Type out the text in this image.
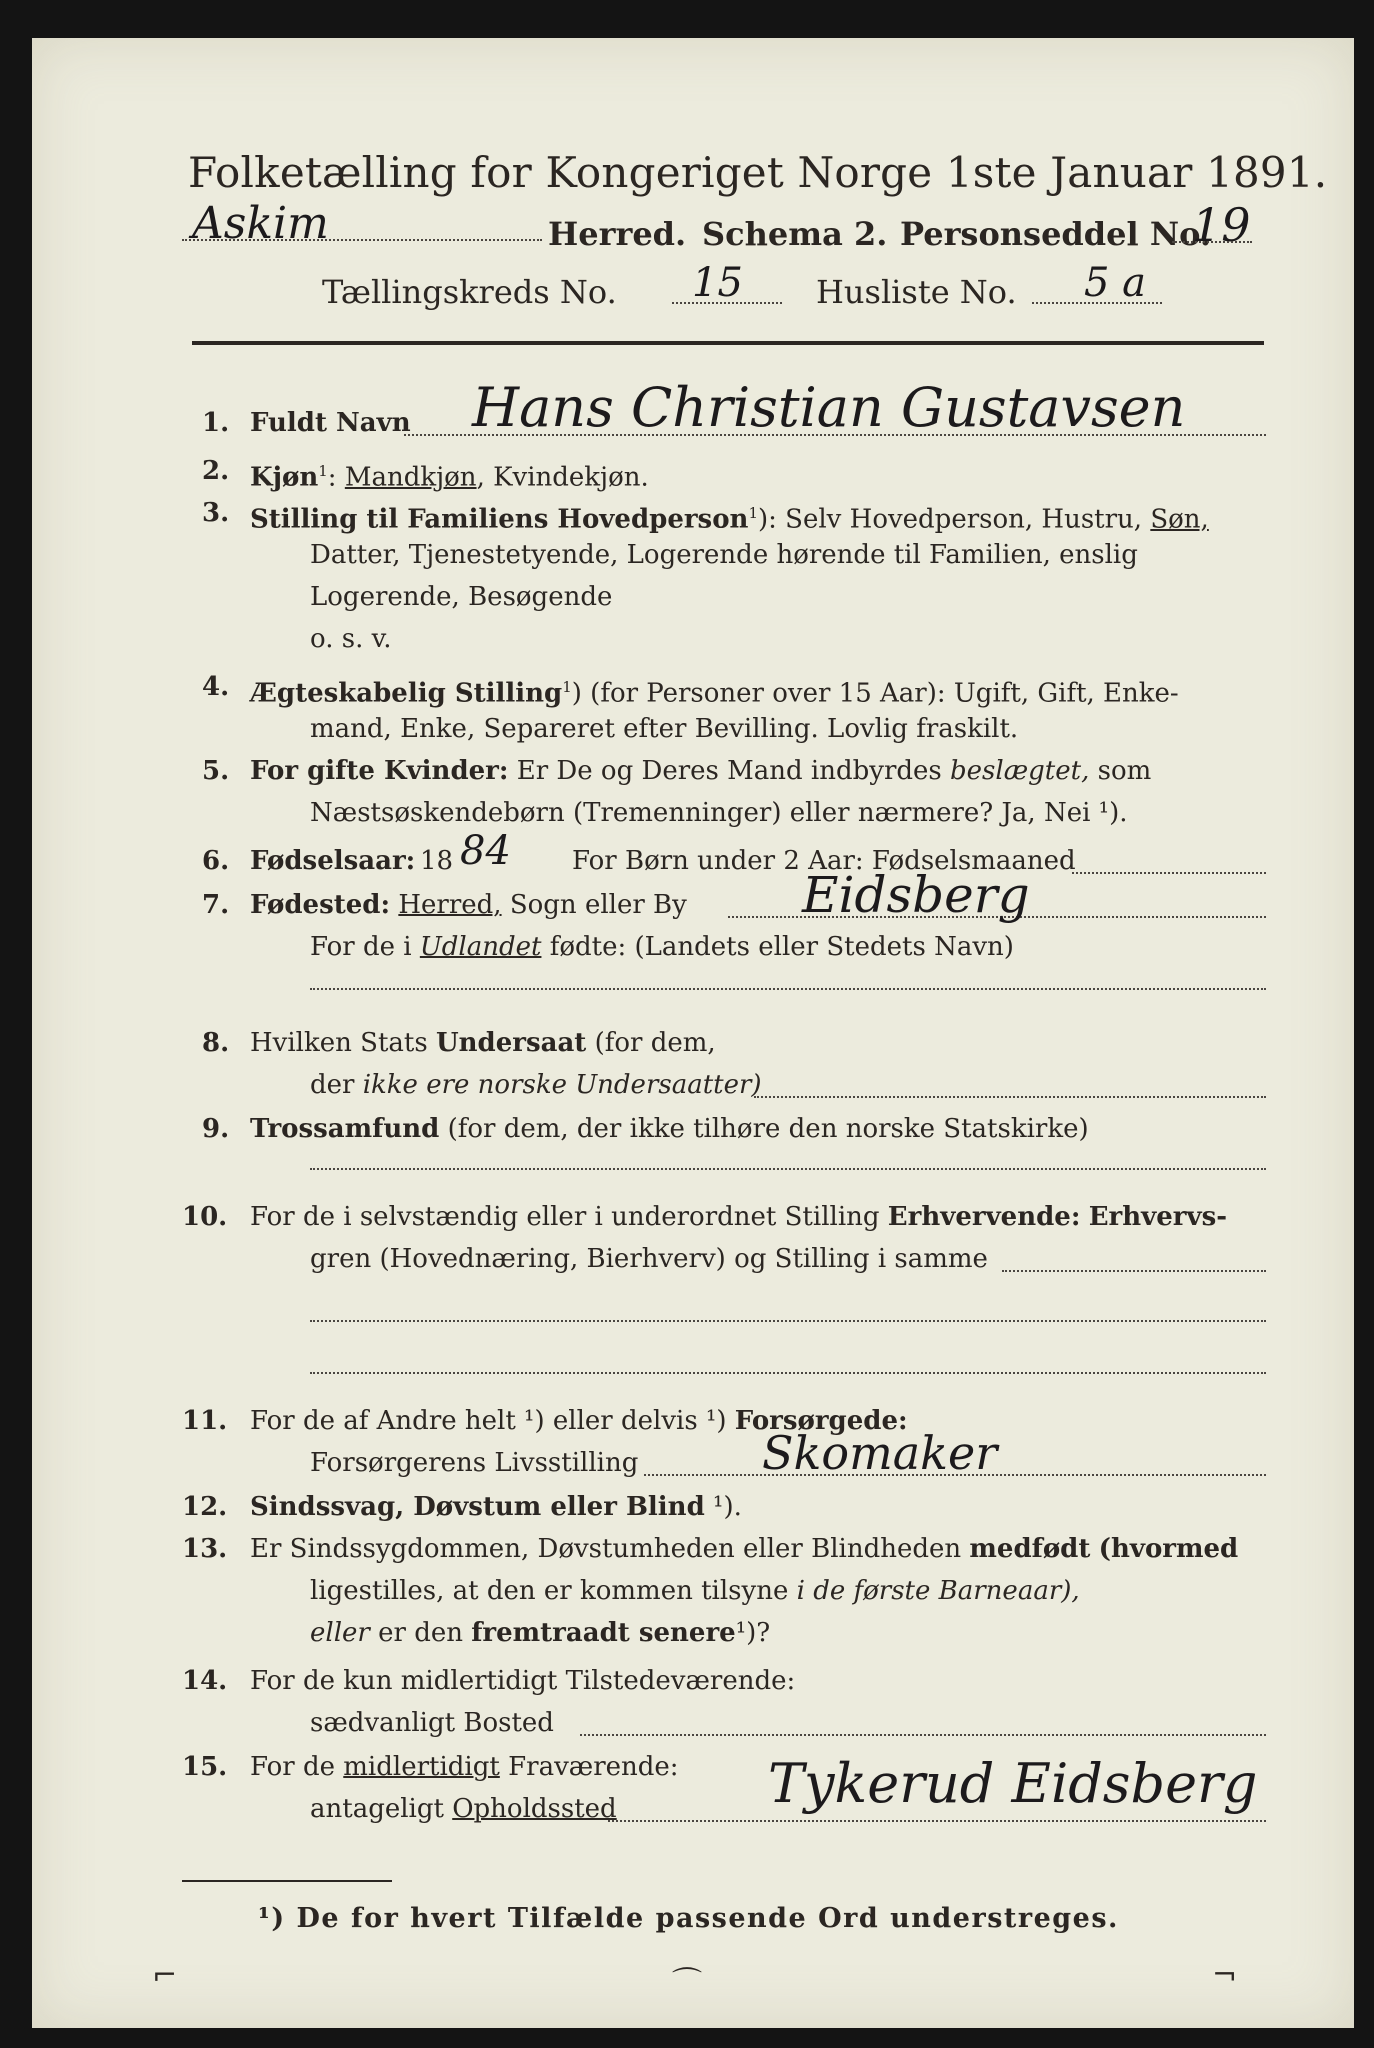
Folketælling for Kongeriget Norge 1ste Januar 1891.
Askim	Herred. Schema 2. Personseddel No.
19
Tællingskreds No. 15 Husliste No. 5 a
1. Fuldt Navn Hans Christian Gustavsen
2. Kjøn$^1$: Mandkjøn, Kvindekjøn.
3. Stilling til Familiens Hovedperson$^1$): Selv Hovedperson, Hustru, Søn,
Datter, Tjenestetyende, Logerende hørende til Familien, enslig
Logerende, Besøgende
o. s. v.
4. Ægteskabelig Stilling$^1$) (for Personer over 15 Aar): Ugift, Gift, Enke-
mand, Enke, Separeret efter Bevilling. Lovlig fraskilt.
5. For gifte Kvinder: Er De og Deres Mand indbyrdes beslægtet, som
Næstsøskendebørn (Tremenninger) eller nærmere? Ja, Nei ¹).
6. Fødselsaar: 18 84 For Børn under 2 Aar: Fødselsmaaned
7. Fødested: Herred, Sogn eller By Eidsberg
For de i Udlandet fødte: (Landets eller Stedets Navn)
8. Hvilken Stats Undersaat (for dem,
der ikke ere norske Undersaatter)
9. Trossamfund (for dem, der ikke tilhøre den norske Statskirke)
10. For de i selvstændig eller i underordnet Stilling Erhvervende: Erhvervs-
gren (Hovednæring, Bierhverv) og Stilling i samme
11. For de af Andre helt ¹) eller delvis ¹) Forsørgede:
Forsørgerens Livsstilling	Skomaker
12. Sindssvag, Døvstum eller Blind ¹).
13. Er Sindssygdommen, Døvstumheden eller Blindheden medfødt (hvormed
ligestilles, at den er kommen tilsyne i de første Barneaar),
eller er den fremtraadt senere¹)?
14. For de kun midlertidigt Tilstedeværende:
sædvanligt Bosted
15. For de midlertidigt Fraværende:
antageligt Opholdssted	Tykerud Eidsberg
¹) De for hvert Tilfælde passende Ord understreges.
⌐	⌒	¬
